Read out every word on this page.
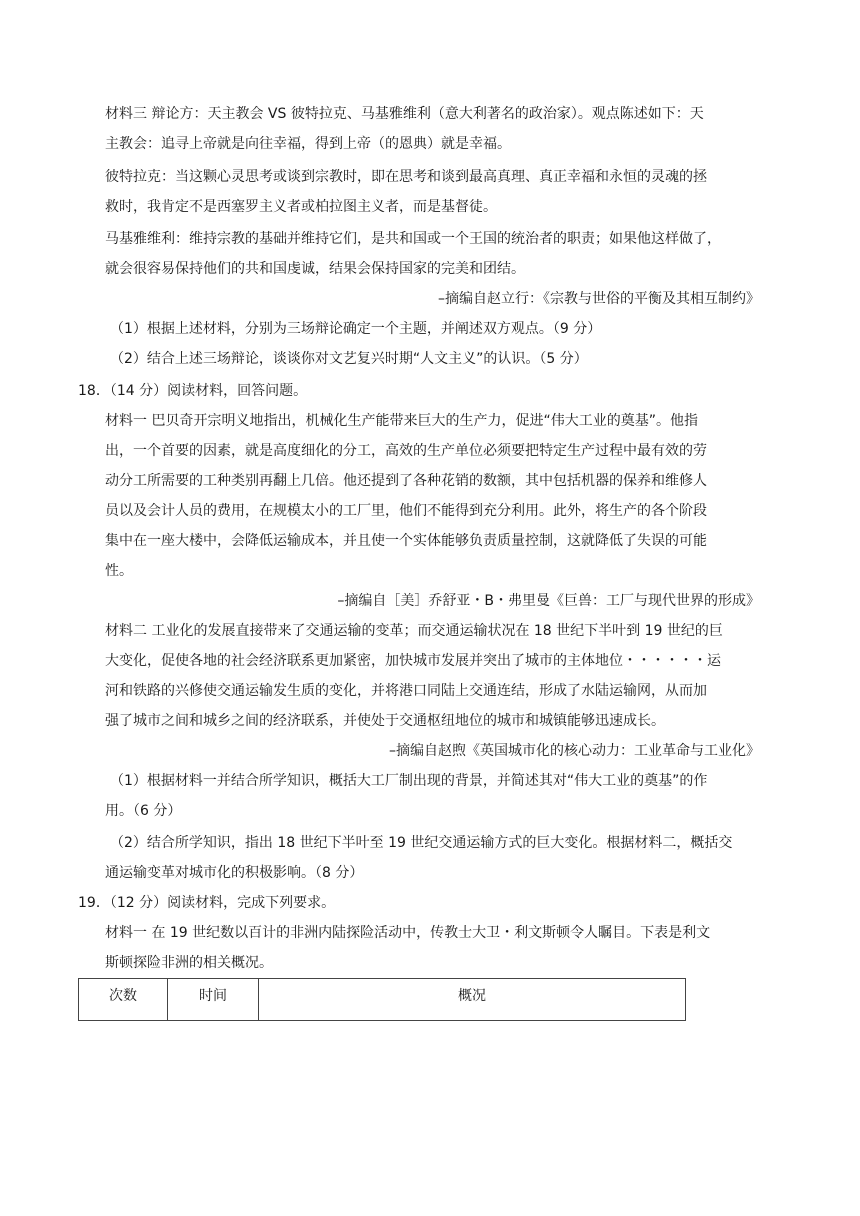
材料三 辩论方：天主教会 VS 彼特拉克、马基雅维利（意大利著名的政治家）。观点陈述如下：天
主教会：追寻上帝就是向往幸福，得到上帝（的恩典）就是幸福。
彼特拉克：当这颗心灵思考或谈到宗教时，即在思考和谈到最高真理、真正幸福和永恒的灵魂的拯
救时，我肯定不是西塞罗主义者或柏拉图主义者，而是基督徒。
马基雅维利：维持宗教的基础并维持它们，是共和国或一个王国的统治者的职责；如果他这样做了，
就会很容易保持他们的共和国虔诚，结果会保持国家的完美和团结。
–摘编自赵立行：《宗教与世俗的平衡及其相互制约》
（1）根据上述材料，分别为三场辩论确定一个主题，并阐述双方观点。（9 分）
（2）结合上述三场辩论，谈谈你对文艺复兴时期“人文主义”的认识。（5 分）
18．（14 分）阅读材料，回答问题。
材料一 巴贝奇开宗明义地指出，机械化生产能带来巨大的生产力，促进“伟大工业的奠基”。他指
出，一个首要的因素，就是高度细化的分工，高效的生产单位必须要把特定生产过程中最有效的劳
动分工所需要的工种类别再翻上几倍。他还提到了各种花销的数额，其中包括机器的保养和维修人
员以及会计人员的费用，在规模太小的工厂里，他们不能得到充分利用。此外，将生产的各个阶段
集中在一座大楼中，会降低运输成本，并且使一个实体能够负责质量控制，这就降低了失误的可能
性。
–摘编自［美］乔舒亚・B・弗里曼《巨兽：工厂与现代世界的形成》
材料二 工业化的发展直接带来了交通运输的变革；而交通运输状况在 18 世纪下半叶到 19 世纪的巨
大变化，促使各地的社会经济联系更加紧密，加快城市发展并突出了城市的主体地位・・・・・・运
河和铁路的兴修使交通运输发生质的变化，并将港口同陆上交通连结，形成了水陆运输网，从而加
强了城市之间和城乡之间的经济联系，并使处于交通枢纽地位的城市和城镇能够迅速成长。
–摘编自赵煦《英国城市化的核心动力：工业革命与工业化》
（1）根据材料一并结合所学知识，概括大工厂制出现的背景，并简述其对“伟大工业的奠基”的作
用。（6 分）
（2）结合所学知识，指出 18 世纪下半叶至 19 世纪交通运输方式的巨大变化。根据材料二，概括交
通运输变革对城市化的积极影响。（8 分）
19．（12 分）阅读材料，完成下列要求。
材料一 在 19 世纪数以百计的非洲内陆探险活动中，传教士大卫・利文斯顿令人瞩目。下表是利文
斯顿探险非洲的相关概况。
次数	时间	概况
